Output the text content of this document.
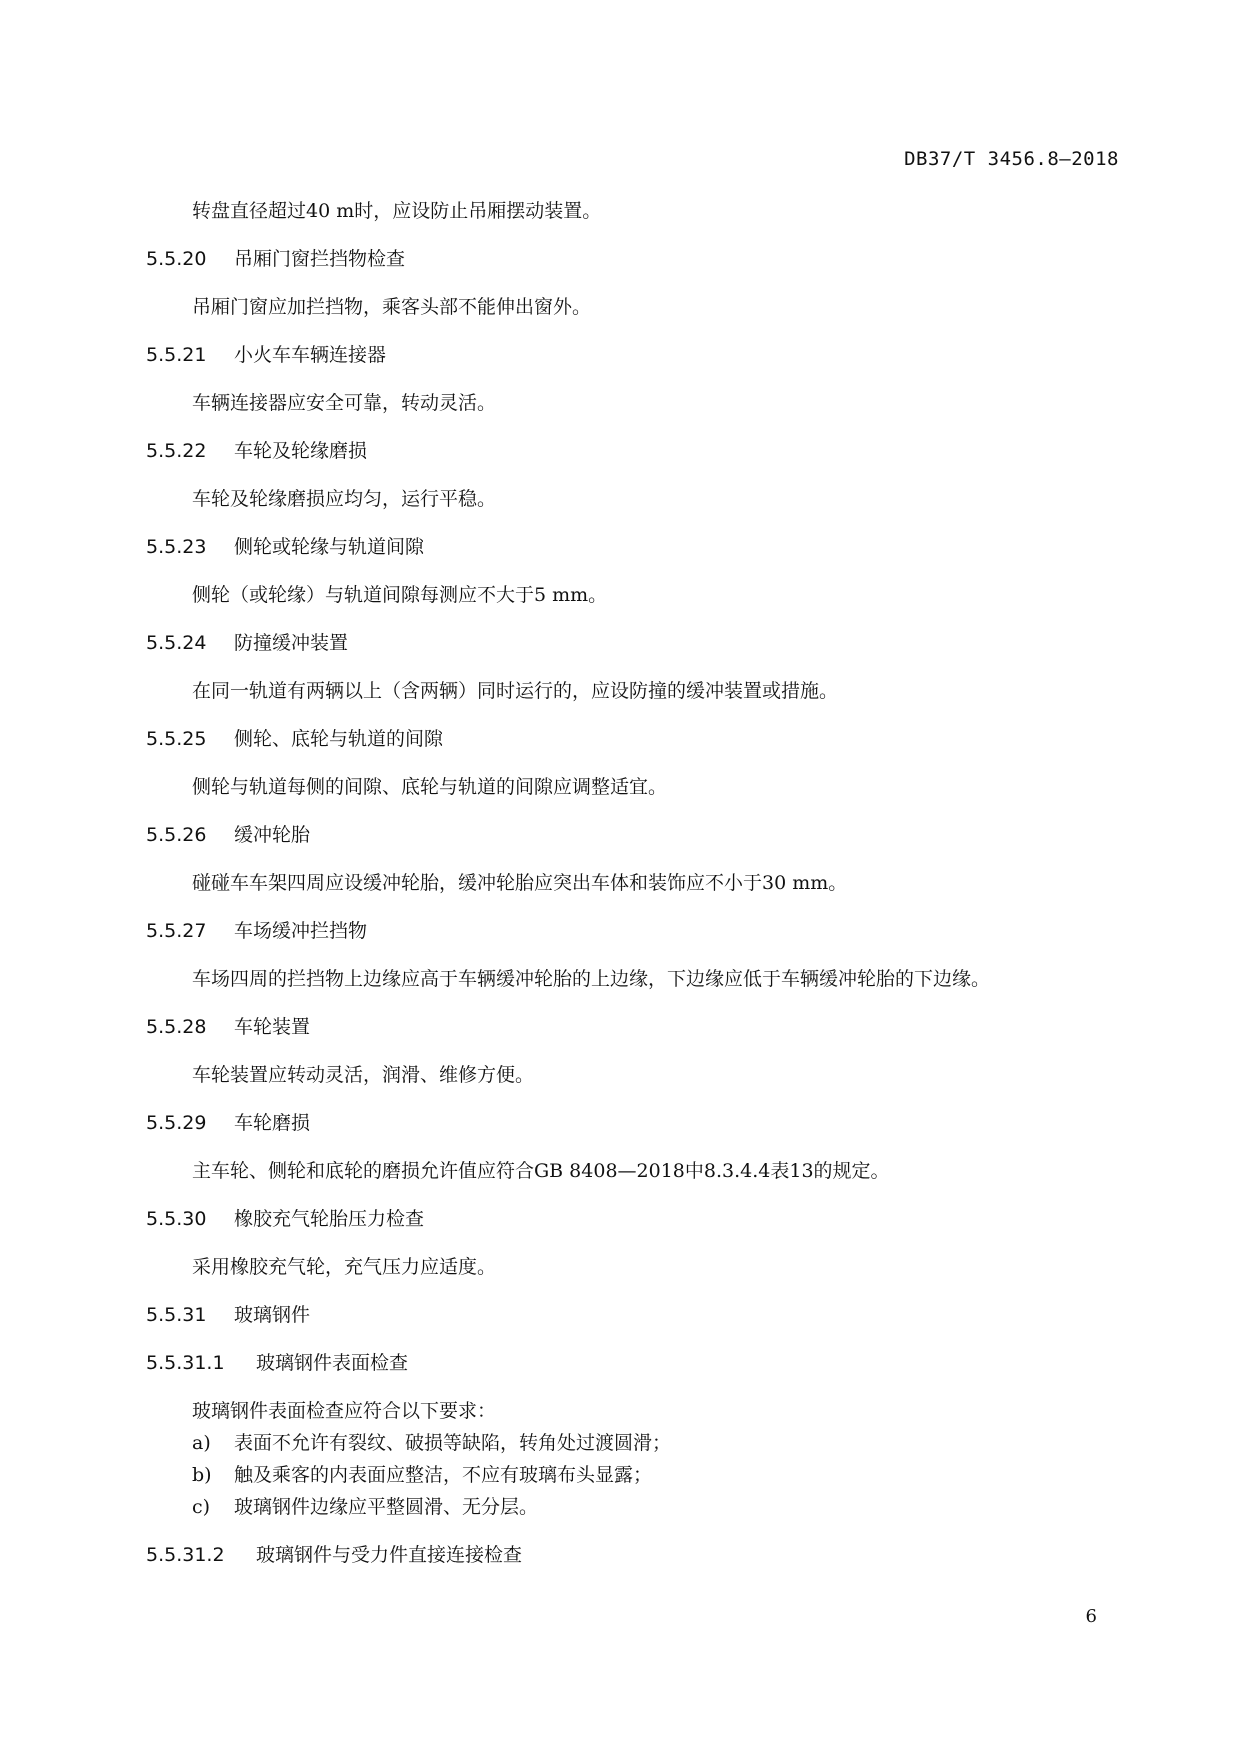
DB37/T 3456.8—2018
转盘直径超过40 m时，应设防止吊厢摆动装置。
5.5.20	吊厢门窗拦挡物检查
吊厢门窗应加拦挡物，乘客头部不能伸出窗外。
5.5.21	小火车车辆连接器
车辆连接器应安全可靠，转动灵活。
5.5.22	车轮及轮缘磨损
车轮及轮缘磨损应均匀，运行平稳。
5.5.23	侧轮或轮缘与轨道间隙
侧轮（或轮缘）与轨道间隙每测应不大于5 mm。
5.5.24	防撞缓冲装置
在同一轨道有两辆以上（含两辆）同时运行的，应设防撞的缓冲装置或措施。
5.5.25	侧轮、底轮与轨道的间隙
侧轮与轨道每侧的间隙、底轮与轨道的间隙应调整适宜。
5.5.26	缓冲轮胎
碰碰车车架四周应设缓冲轮胎，缓冲轮胎应突出车体和装饰应不小于30 mm。
5.5.27	车场缓冲拦挡物
车场四周的拦挡物上边缘应高于车辆缓冲轮胎的上边缘，下边缘应低于车辆缓冲轮胎的下边缘。
5.5.28	车轮装置
车轮装置应转动灵活，润滑、维修方便。
5.5.29	车轮磨损
主车轮、侧轮和底轮的磨损允许值应符合GB 8408—2018中8.3.4.4表13的规定。
5.5.30	橡胶充气轮胎压力检查
采用橡胶充气轮，充气压力应适度。
5.5.31	玻璃钢件
5.5.31.1	玻璃钢件表面检查
玻璃钢件表面检查应符合以下要求：
a)	表面不允许有裂纹、破损等缺陷，转角处过渡圆滑；
b)	触及乘客的内表面应整洁，不应有玻璃布头显露；
c)	玻璃钢件边缘应平整圆滑、无分层。
5.5.31.2	玻璃钢件与受力件直接连接检查
6
